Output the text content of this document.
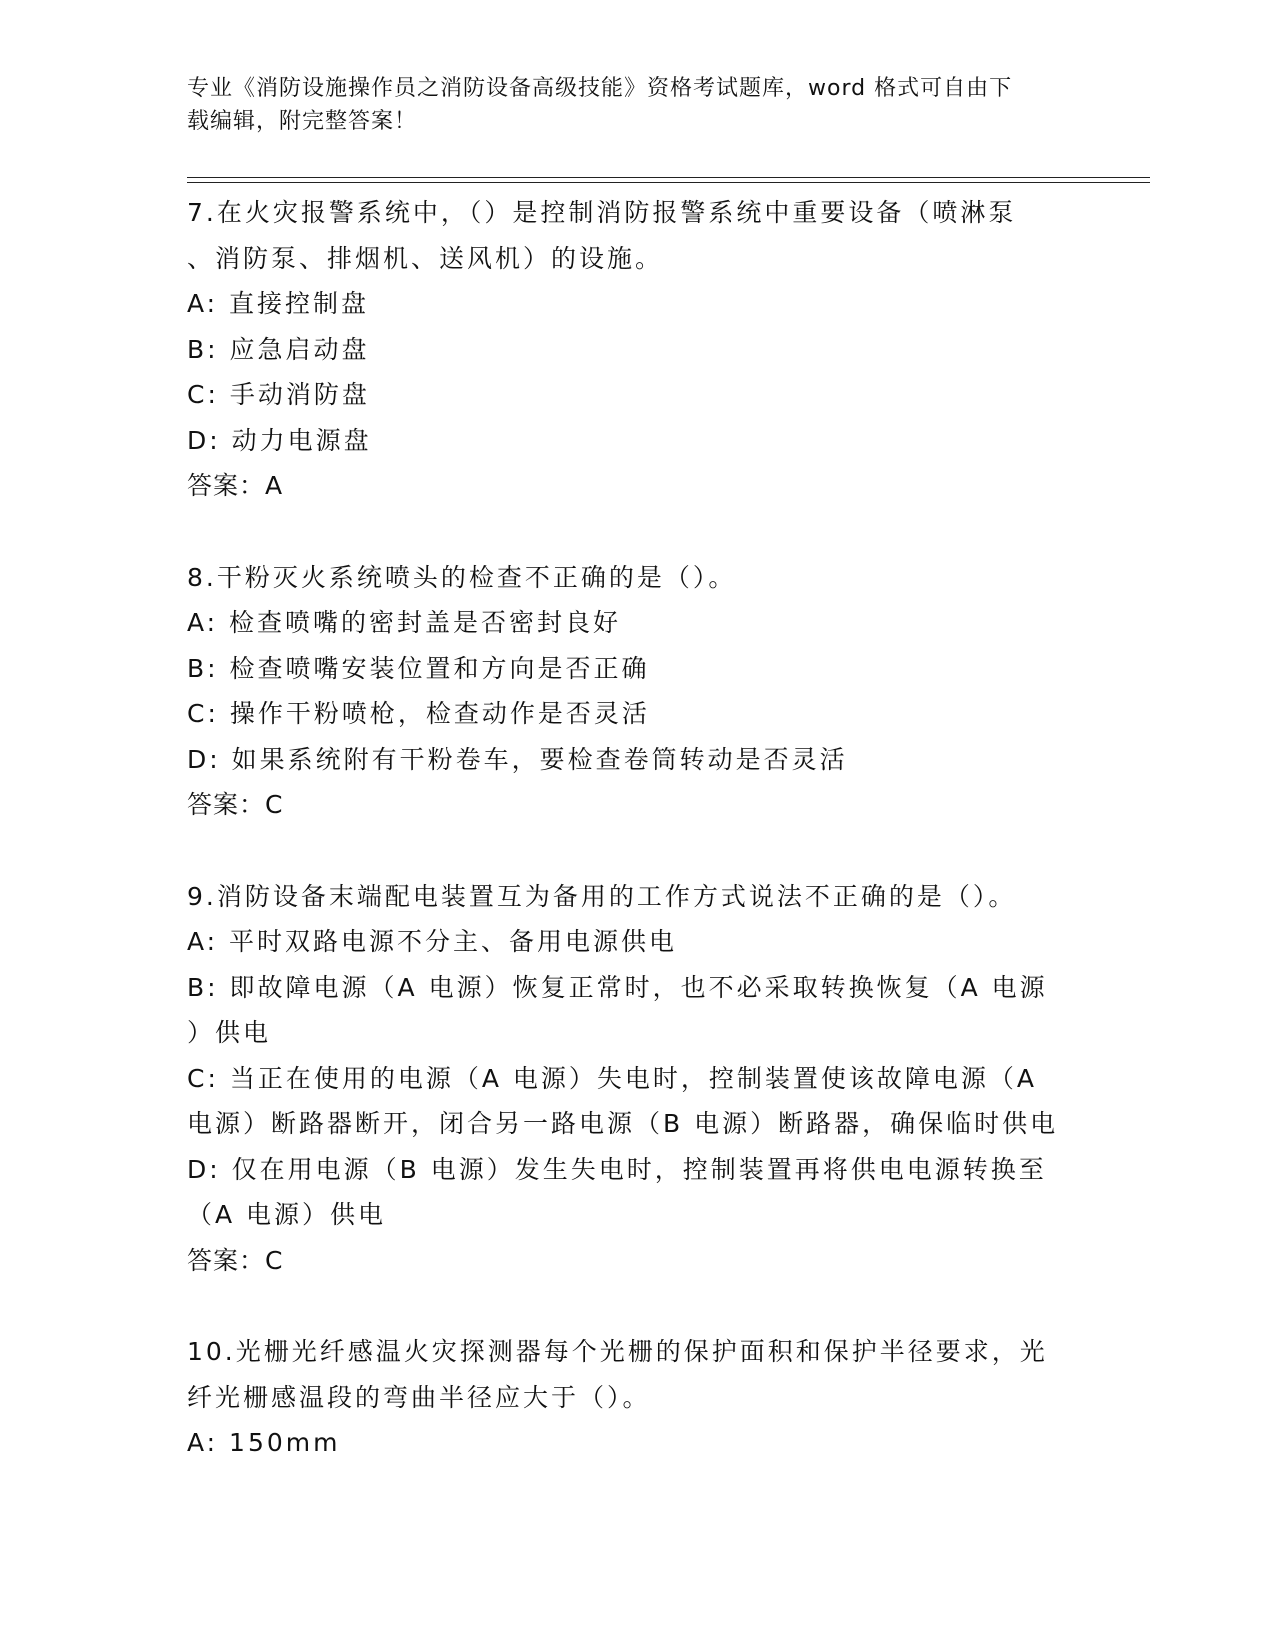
专业《消防设施操作员之消防设备高级技能》资格考试题库，word 格式可自由下
载编辑，附完整答案！
7.在火灾报警系统中，（）是控制消防报警系统中重要设备（喷淋泵
、消防泵、排烟机、送风机）的设施。
A: 直接控制盘
B: 应急启动盘
C: 手动消防盘
D: 动力电源盘
答案：A
8.干粉灭火系统喷头的检查不正确的是（）。
A: 检查喷嘴的密封盖是否密封良好
B: 检查喷嘴安装位置和方向是否正确
C: 操作干粉喷枪，检查动作是否灵活
D: 如果系统附有干粉卷车，要检查卷筒转动是否灵活
答案：C
9.消防设备末端配电装置互为备用的工作方式说法不正确的是（）。
A: 平时双路电源不分主、备用电源供电
B: 即故障电源（A 电源）恢复正常时，也不必采取转换恢复（A 电源
）供电
C: 当正在使用的电源（A 电源）失电时，控制装置使该故障电源（A
电源）断路器断开，闭合另一路电源（B 电源）断路器，确保临时供电
D: 仅在用电源（B 电源）发生失电时，控制装置再将供电电源转换至
（A 电源）供电
答案：C
10.光栅光纤感温火灾探测器每个光栅的保护面积和保护半径要求，光
纤光栅感温段的弯曲半径应大于（）。
A: 150mm
